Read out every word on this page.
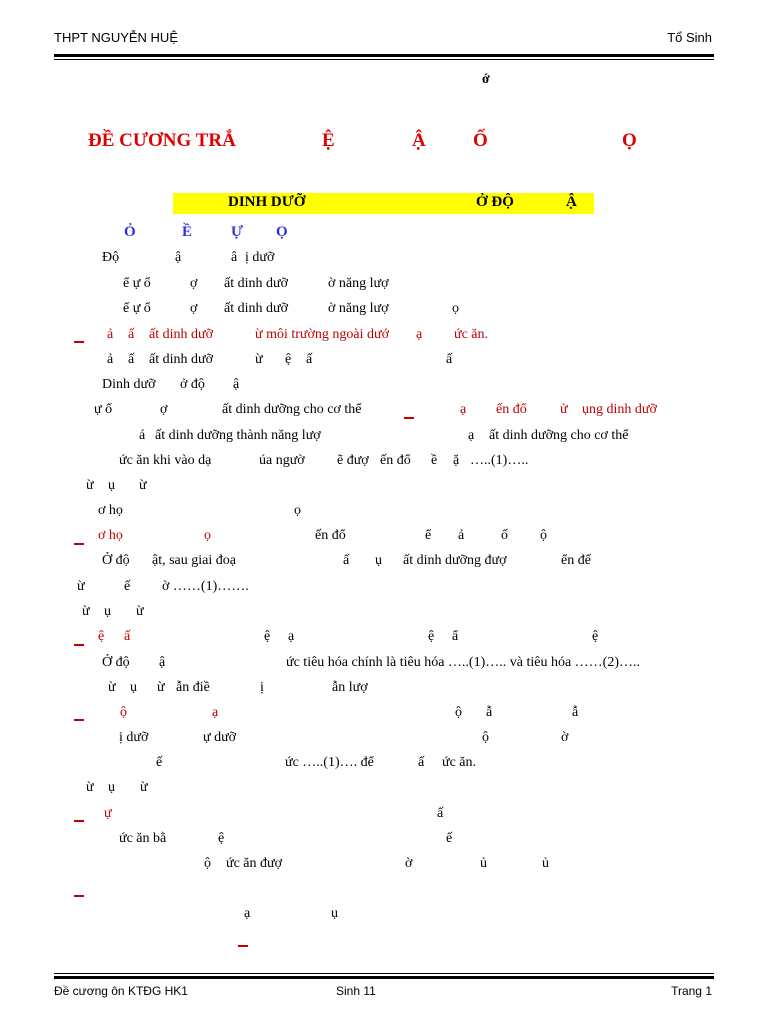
THPT NGUYỄN HUỆ	Tổ Sinh

ớ

ĐỀ CƯƠNG TRẮ

	Ệ

	Ậ

Ố

	Ọ

DINH DƯỠ	Ở ĐỘ	Ậ

Ỏ

	Ề

	Ự

Ọ

Độ

	ậ

	â

ị dưỡ

ể ự ổ

	ợ

ất dinh dưỡ

	ờ năng lượ

ể ự ổ

	ợ

ất dinh dưỡ

	ờ năng lượ

	ọ

ả

ấ

ất dinh dưỡ

	ừ môi trường ngoài dướ

ạ

ức ăn.

ả

ấ

ất dinh dưỡ

	ừ

ệ

ấ

	ấ

Dinh dưỡ

ở độ

ậ

ự ổ

	ợ

	ất dinh dưỡng cho cơ thể

	ạ

ến đổ

ử

ụng dinh dưỡ

á

ất dinh dưỡng thành năng lượ

	ạ

ất dinh dưỡng cho cơ thể

ức ăn khi vào dạ

	úa ngườ

ẽ đượ

ến đổ

ề

ặ

…..(1)…..

ừ

ụ

ừ

ơ họ

	ọ

ơ họ

	ọ

	ến đổ

	ể

ả

	ố

ộ

Ở độ

ật, sau giai đoạ

	ấ

ụ

ất dinh dưỡng đượ

	ển đế

ừ

	ế

ờ ……(1)…….

ừ

ụ

ừ

ệ

ấ

	ệ

ạ

	ệ

ẩ

	ệ

Ở độ

ậ

	ức tiêu hóa chính là tiêu hóa …..(1)….. và tiêu hóa ……(2)…..

ừ

ụ

ừ

ẫn điề

	ị

	ẫn lượ

ộ

	ạ

	ộ

ẫ

	ẫ

ị dưỡ

	ự dưỡ

	ộ

	ờ

ế

	ức …..(1)…. để

	ấ

ức ăn.

ừ

ụ

ừ

ự

	ấ

ức ăn bằ

	ệ

	ế

ộ

ức ăn đượ

	ờ

	ủ

	ủ

ạ

	ụ

Đề cương ôn KTĐG HK1	Sinh 11	Trang 1
